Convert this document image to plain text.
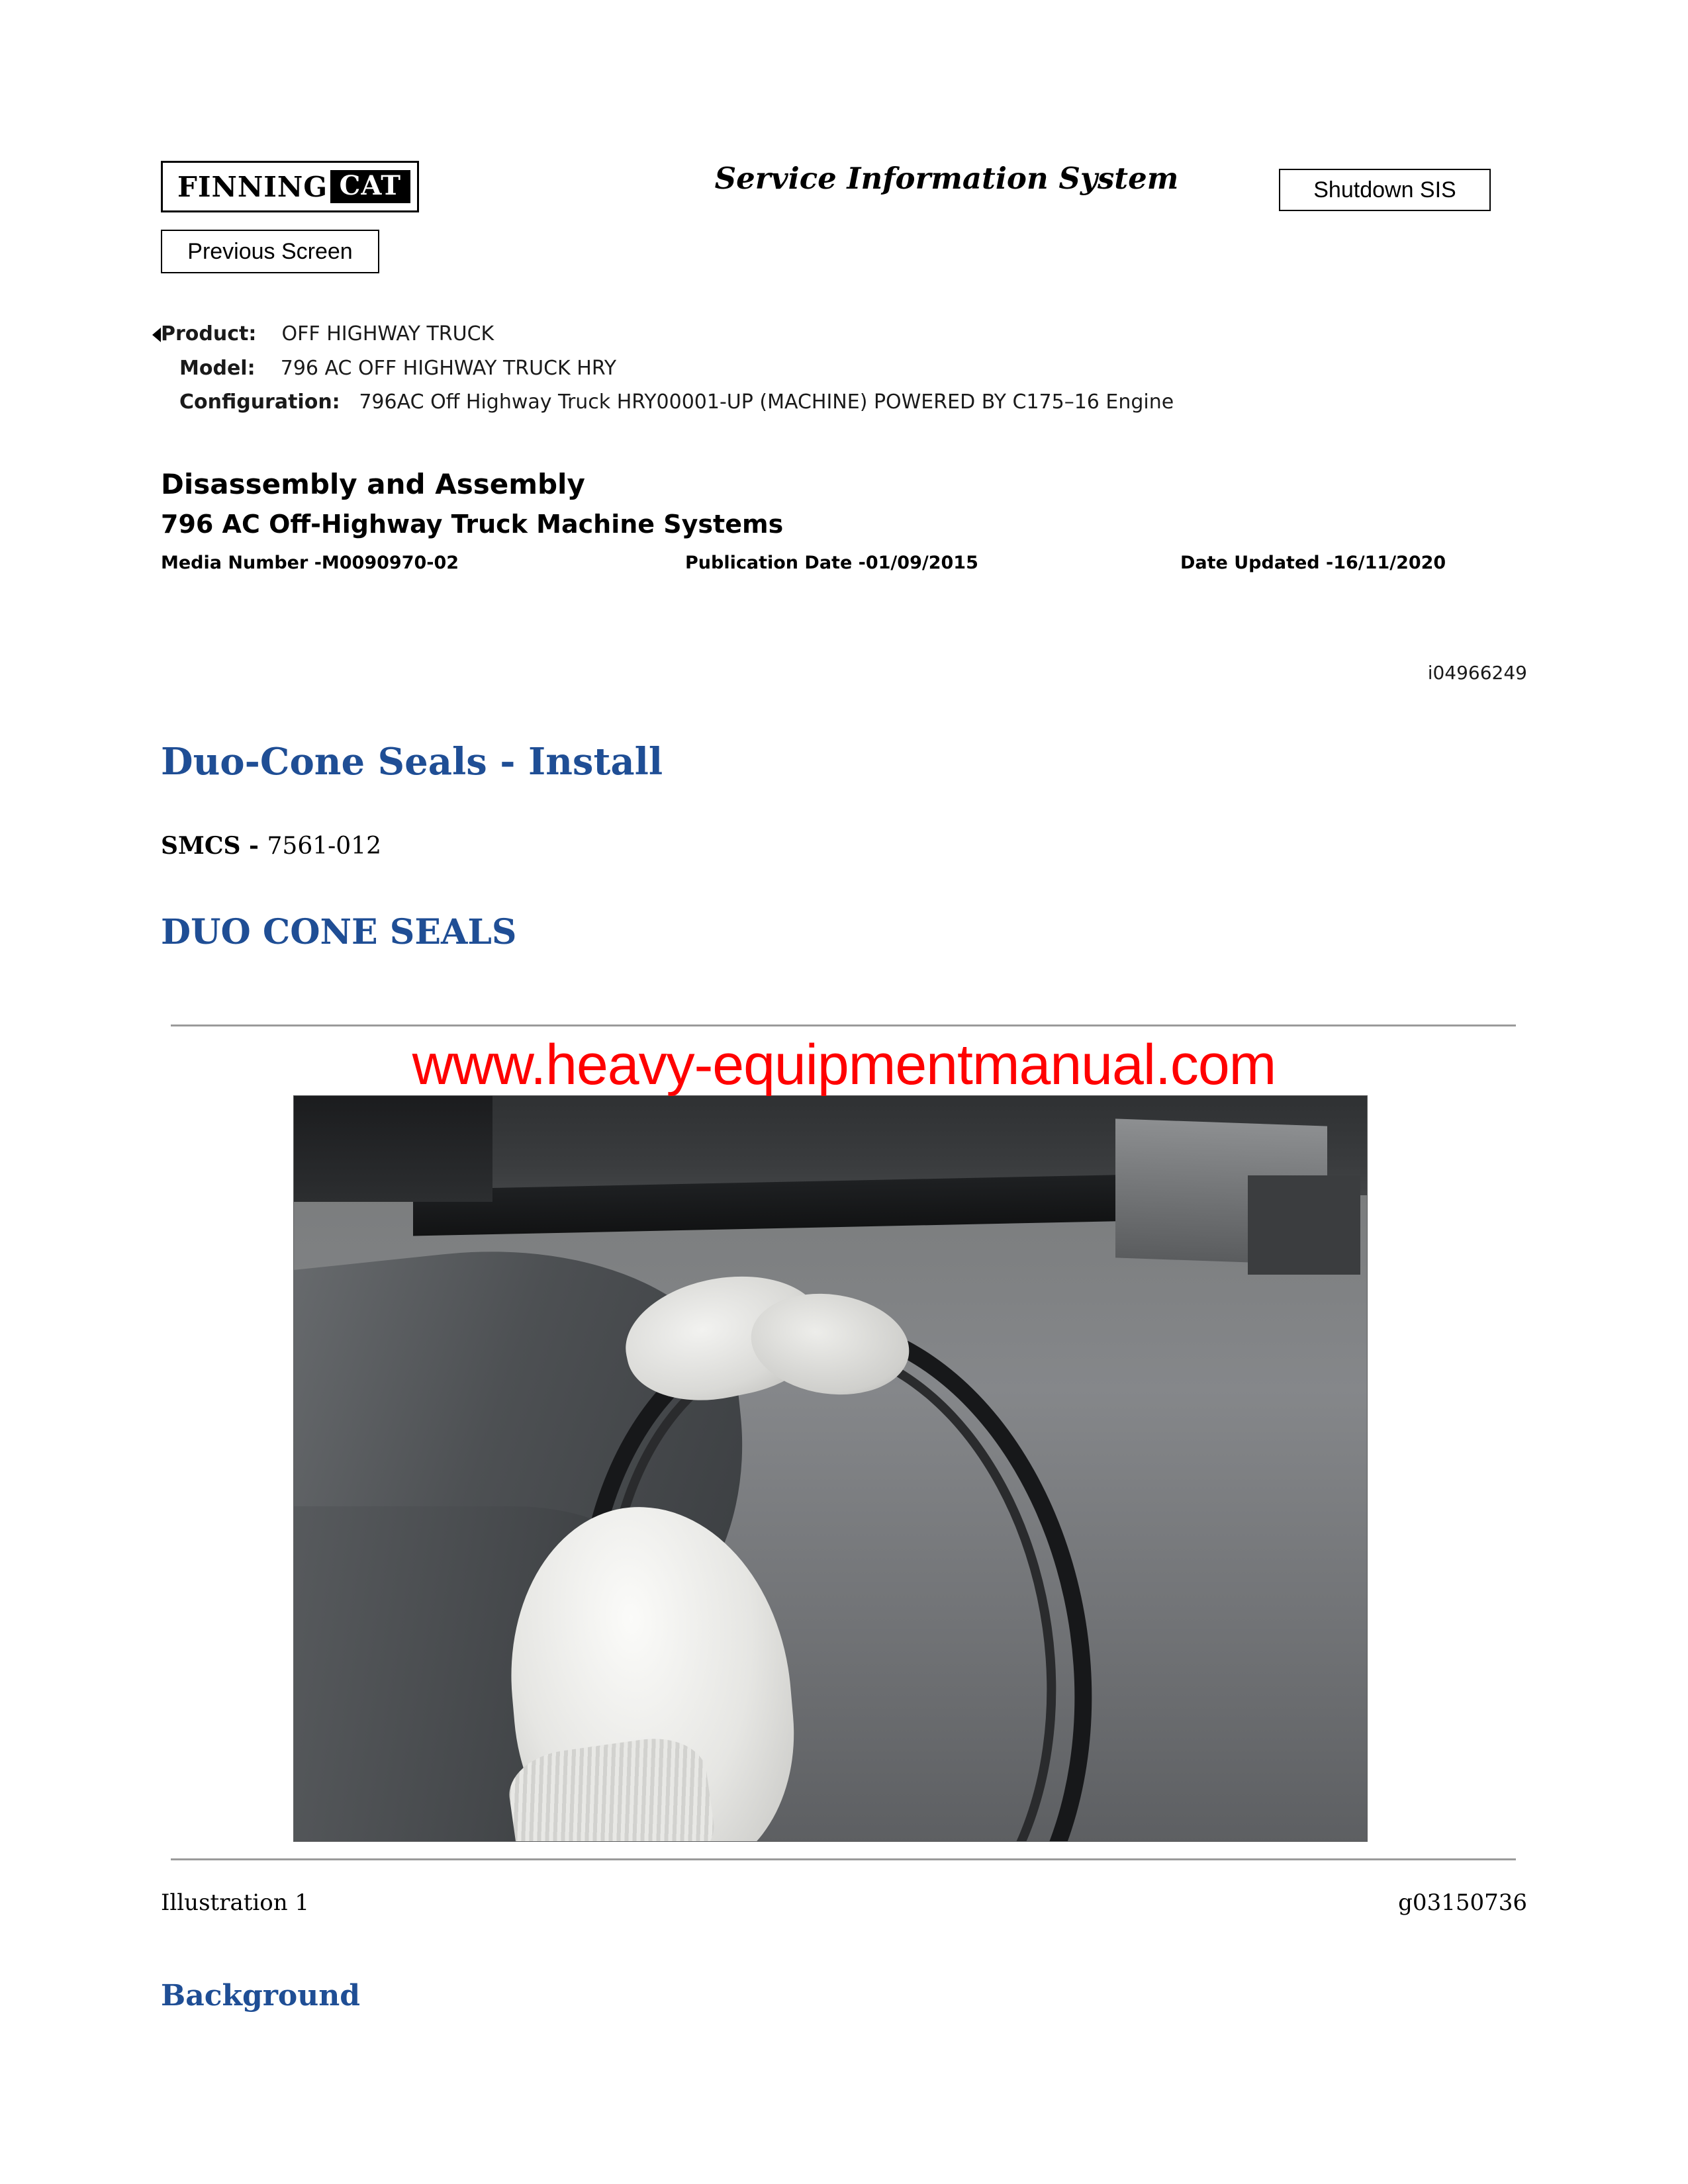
FINNING CAT	Service Information System	Shutdown SIS
Previous Screen
Product: OFF HIGHWAY TRUCK
Model: 796 AC OFF HIGHWAY TRUCK HRY
Configuration: 796AC Off Highway Truck HRY00001-UP (MACHINE) POWERED BY C175–16 Engine
Disassembly and Assembly
796 AC Off-Highway Truck Machine Systems
Media Number -M0090970-02	Publication Date -01/09/2015	Date Updated -16/11/2020
i04966249
Duo-Cone Seals - Install
SMCS - 7561-012
DUO CONE SEALS
www.heavy-equipmentmanual.com
Illustration 1	g03150736
Background
